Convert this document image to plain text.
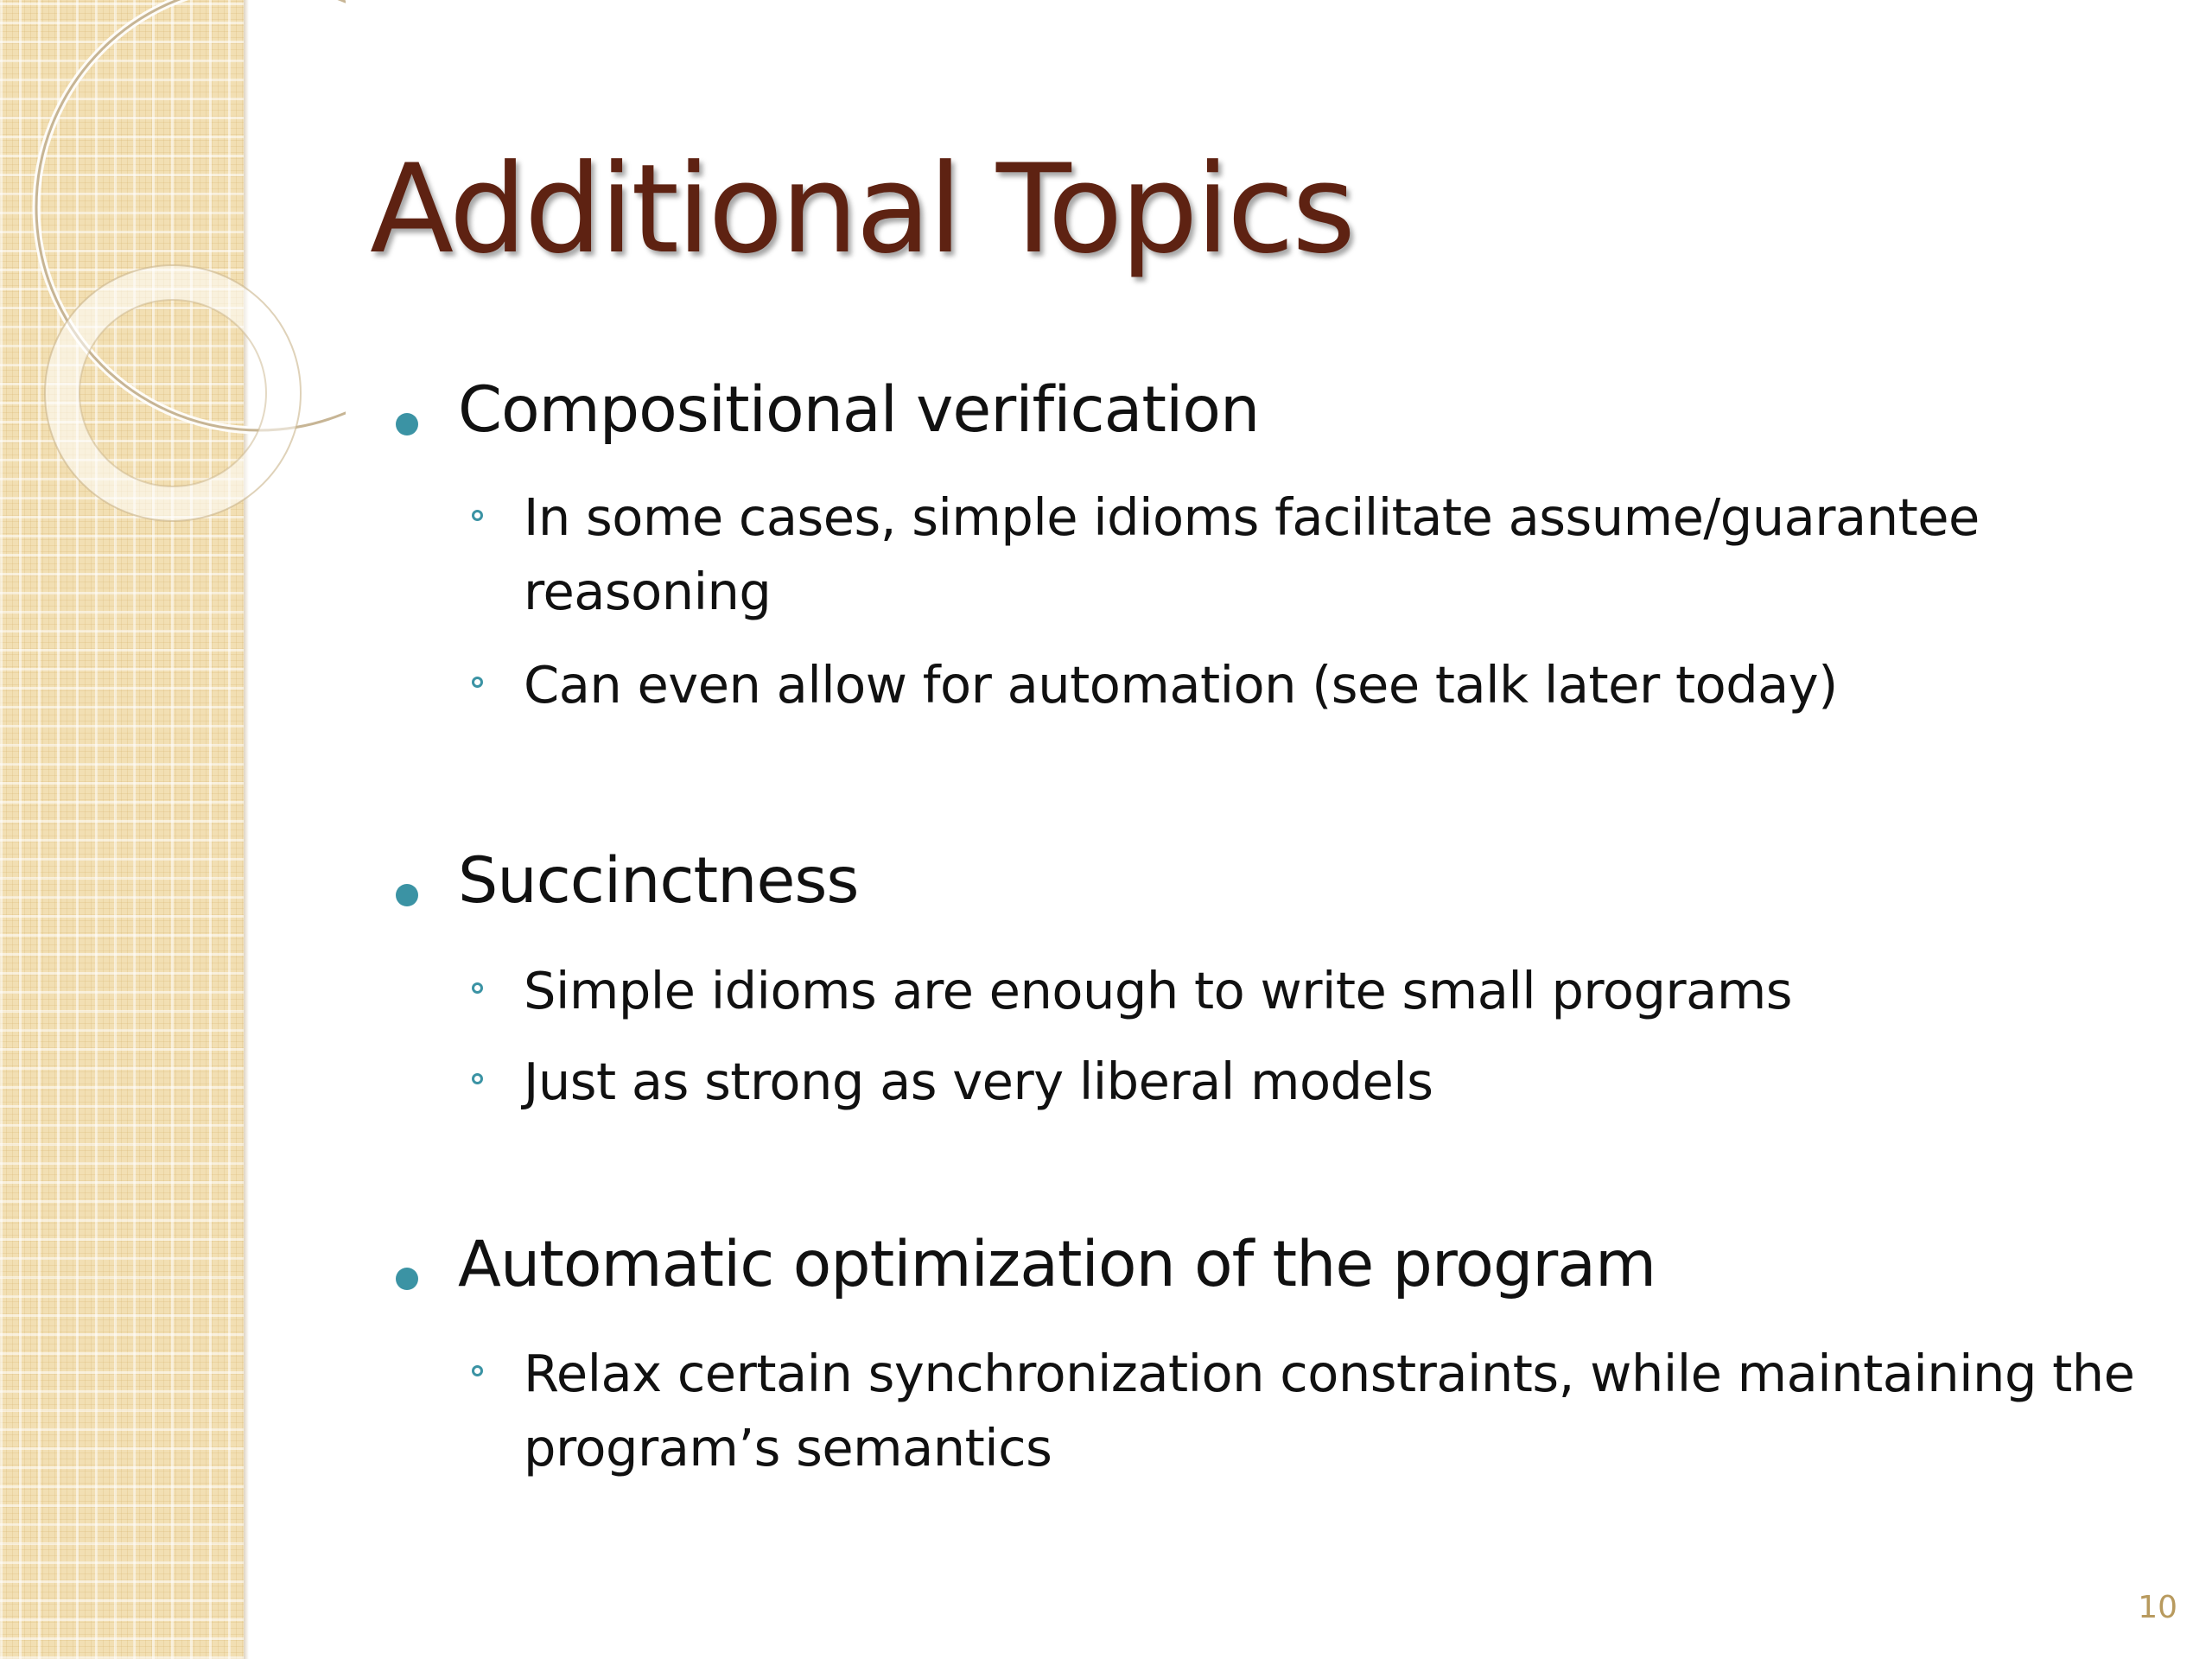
Additional Topics

Compositional verification

In some cases, simple idioms facilitate assume/guarantee

reasoning

Can even allow for automation (see talk later today)

Succinctness

Simple idioms are enough to write small programs

Just as strong as very liberal models

Automatic optimization of the program

Relax certain synchronization constraints, while maintaining the

program’s semantics

10
